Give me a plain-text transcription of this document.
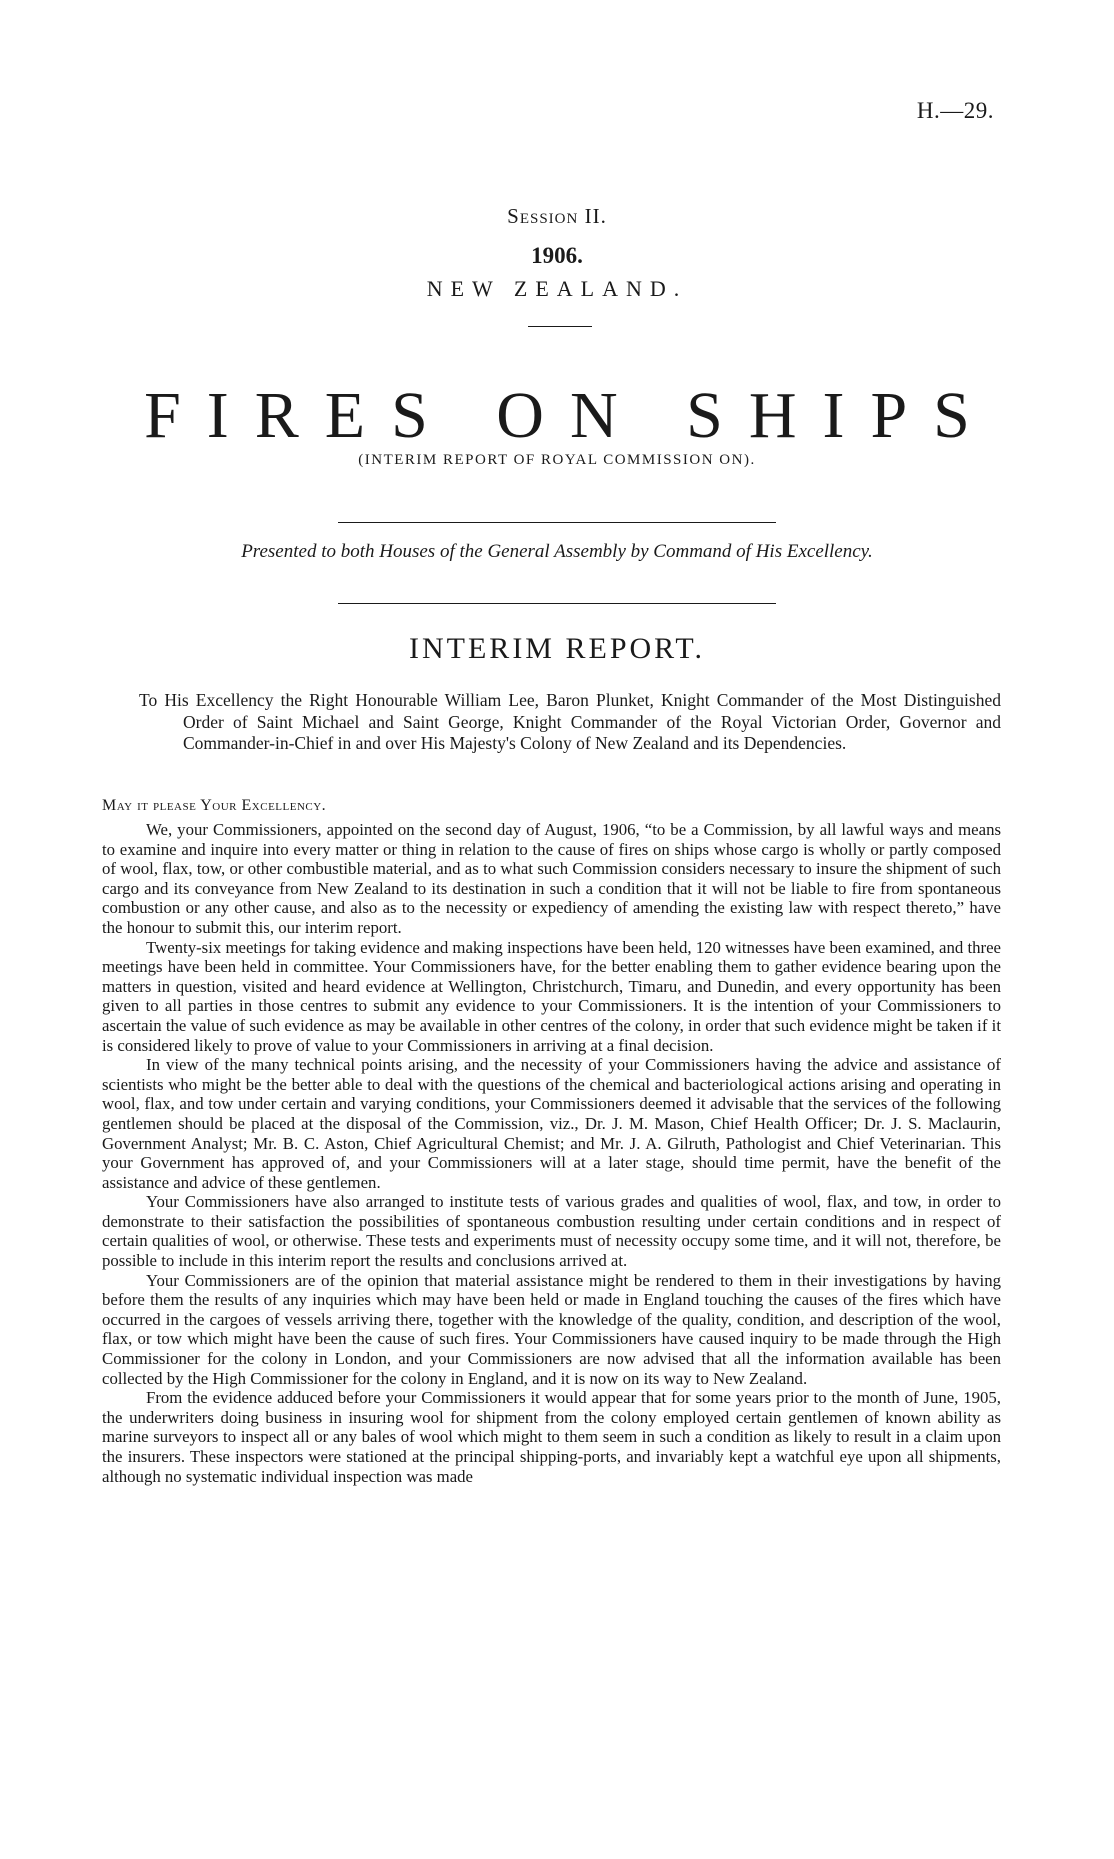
H.—29.
Session II.
1906.
NEW ZEALAND.
FIRES ON SHIPS
(INTERIM REPORT OF ROYAL COMMISSION ON).
Presented to both Houses of the General Assembly by Command of His Excellency.
INTERIM REPORT.
To His Excellency the Right Honourable William Lee, Baron Plunket, Knight Commander of the Most Distinguished Order of Saint Michael and Saint George, Knight Commander of the Royal Victorian Order, Governor and Commander-in-Chief in and over His Majesty's Colony of New Zealand and its Dependencies.
May it please Your Excellency.

We, your Commissioners, appointed on the second day of August, 1906, “to be a Commission, by all lawful ways and means to examine and inquire into every matter or thing in relation to the cause of fires on ships whose cargo is wholly or partly composed of wool, flax, tow, or other combustible material, and as to what such Commission considers necessary to insure the shipment of such cargo and its conveyance from New Zealand to its destination in such a condition that it will not be liable to fire from spontaneous combustion or any other cause, and also as to the necessity or expediency of amending the existing law with respect thereto,” have the honour to submit this, our interim report.

Twenty-six meetings for taking evidence and making inspections have been held, 120 witnesses have been examined, and three meetings have been held in committee. Your Commissioners have, for the better enabling them to gather evidence bearing upon the matters in question, visited and heard evidence at Wellington, Christchurch, Timaru, and Dunedin, and every opportunity has been given to all parties in those centres to submit any evidence to your Commissioners. It is the intention of your Commissioners to ascertain the value of such evidence as may be available in other centres of the colony, in order that such evidence might be taken if it is considered likely to prove of value to your Commissioners in arriving at a final decision.

In view of the many technical points arising, and the necessity of your Commissioners having the advice and assistance of scientists who might be the better able to deal with the questions of the chemical and bacteriological actions arising and operating in wool, flax, and tow under certain and varying conditions, your Commissioners deemed it advisable that the services of the following gentlemen should be placed at the disposal of the Commission, viz., Dr. J. M. Mason, Chief Health Officer; Dr. J. S. Maclaurin, Government Analyst; Mr. B. C. Aston, Chief Agricultural Chemist; and Mr. J. A. Gilruth, Pathologist and Chief Veterinarian. This your Government has approved of, and your Commissioners will at a later stage, should time permit, have the benefit of the assistance and advice of these gentlemen.

Your Commissioners have also arranged to institute tests of various grades and qualities of wool, flax, and tow, in order to demonstrate to their satisfaction the possibilities of spontaneous combustion resulting under certain conditions and in respect of certain qualities of wool, or otherwise. These tests and experiments must of necessity occupy some time, and it will not, therefore, be possible to include in this interim report the results and conclusions arrived at.

Your Commissioners are of the opinion that material assistance might be rendered to them in their investigations by having before them the results of any inquiries which may have been held or made in England touching the causes of the fires which have occurred in the cargoes of vessels arriving there, together with the knowledge of the quality, condition, and description of the wool, flax, or tow which might have been the cause of such fires. Your Commissioners have caused inquiry to be made through the High Commissioner for the colony in London, and your Commissioners are now advised that all the information available has been collected by the High Commissioner for the colony in England, and it is now on its way to New Zealand.

From the evidence adduced before your Commissioners it would appear that for some years prior to the month of June, 1905, the underwriters doing business in insuring wool for shipment from the colony employed certain gentlemen of known ability as marine surveyors to inspect all or any bales of wool which might to them seem in such a condition as likely to result in a claim upon the insurers. These inspectors were stationed at the principal shipping-ports, and invariably kept a watchful eye upon all shipments, although no systematic individual inspection was made
